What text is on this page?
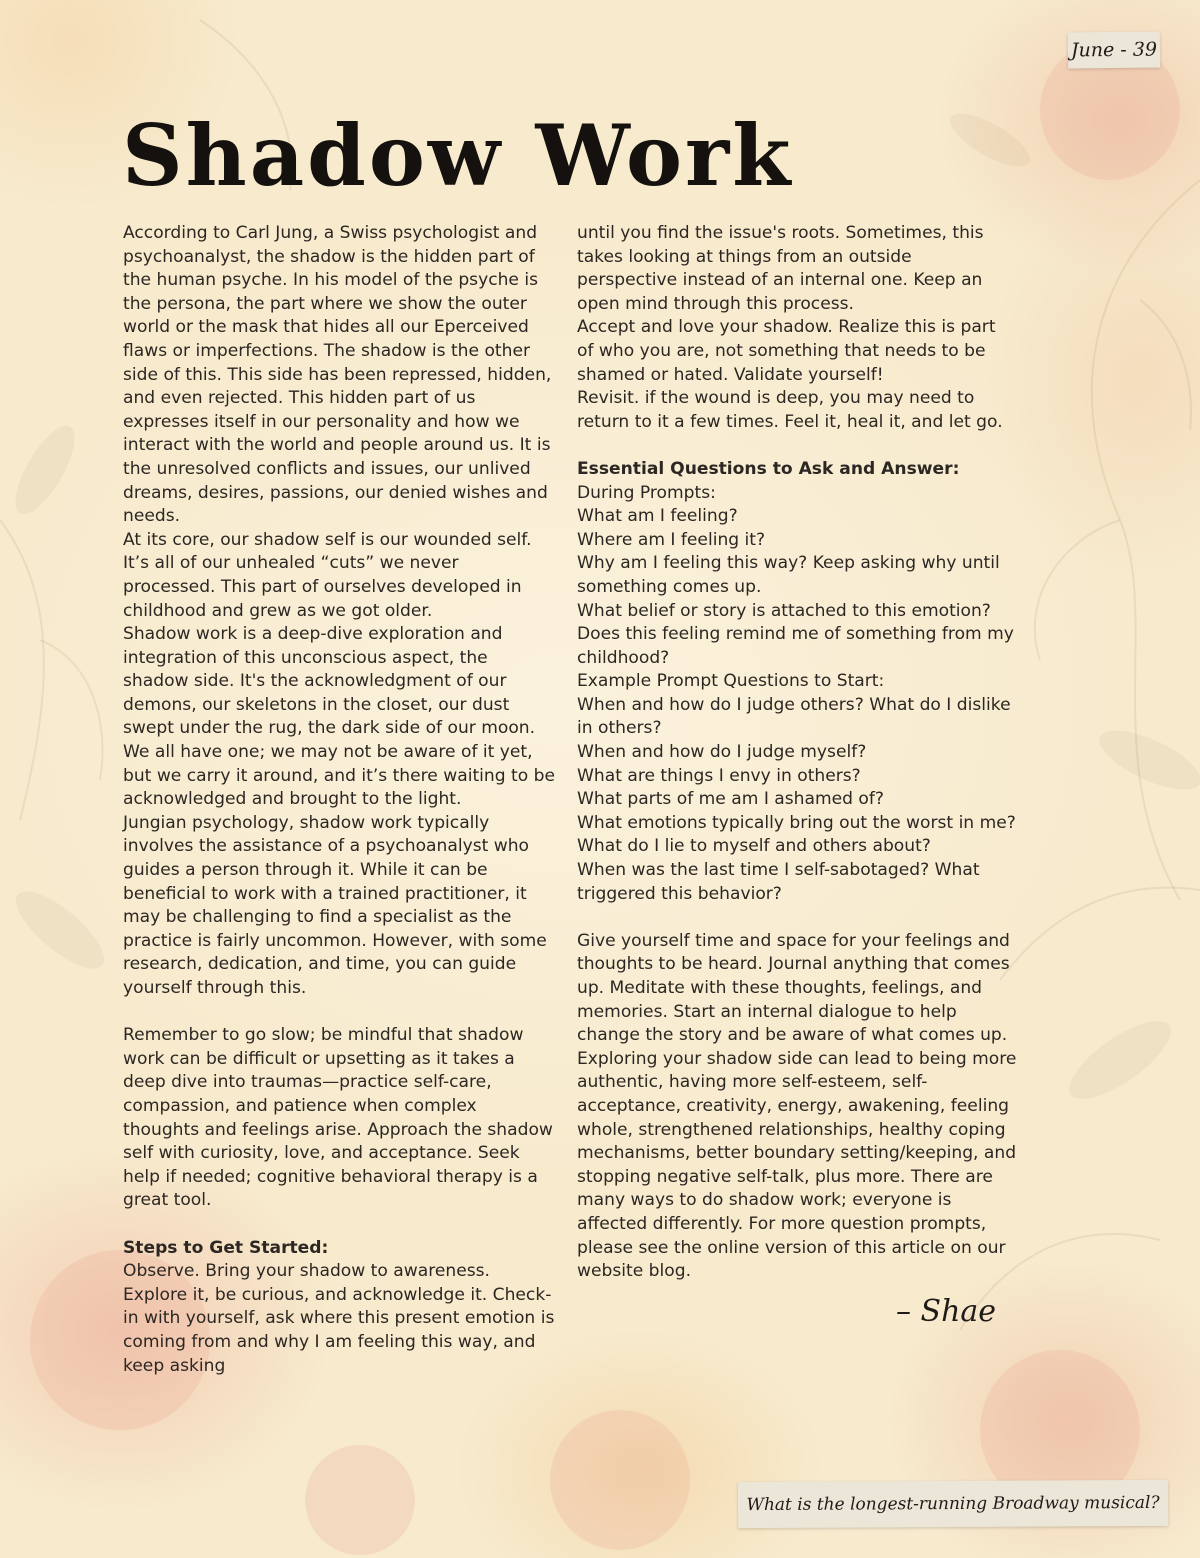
June - 39
Shadow Work

According to Carl Jung, a Swiss psychologist and psychoanalyst, the shadow is the hidden part of the human psyche. In his model of the psyche is the persona, the part where we show the outer world or the mask that hides all our Eperceived flaws or imperfections. The shadow is the other side of this. This side has been repressed, hidden, and even rejected. This hidden part of us expresses itself in our personality and how we interact with the world and people around us. It is the unresolved conflicts and issues, our unlived dreams, desires, passions, our denied wishes and needs.

At its core, our shadow self is our wounded self. It’s all of our unhealed “cuts” we never processed. This part of ourselves developed in childhood and grew as we got older.

Shadow work is a deep-dive exploration and integration of this unconscious aspect, the shadow side. It's the acknowledgment of our demons, our skeletons in the closet, our dust swept under the rug, the dark side of our moon. We all have one; we may not be aware of it yet, but we carry it around, and it’s there waiting to be acknowledged and brought to the light.

Jungian psychology, shadow work typically involves the assistance of a psychoanalyst who guides a person through it. While it can be beneficial to work with a trained practitioner, it may be challenging to find a specialist as the practice is fairly uncommon. However, with some research, dedication, and time, you can guide yourself through this.

Remember to go slow; be mindful that shadow work can be difficult or upsetting as it takes a deep dive into traumas—practice self-care, compassion, and patience when complex thoughts and feelings arise. Approach the shadow self with curiosity, love, and acceptance. Seek help if needed; cognitive behavioral therapy is a great tool.

Steps to Get Started:

Observe. Bring your shadow to awareness. Explore it, be curious, and acknowledge it. Check-in with yourself, ask where this present emotion is coming from and why I am feeling this way, and keep asking

until you find the issue's roots. Sometimes, this takes looking at things from an outside perspective instead of an internal one. Keep an open mind through this process.

Accept and love your shadow. Realize this is part of who you are, not something that needs to be shamed or hated. Validate yourself!

Revisit. if the wound is deep, you may need to return to it a few times. Feel it, heal it, and let go.

Essential Questions to Ask and Answer: During Prompts:

What am I feeling?

Where am I feeling it?

Why am I feeling this way? Keep asking why until something comes up.

What belief or story is attached to this emotion?

Does this feeling remind me of something from my childhood?

Example Prompt Questions to Start:

When and how do I judge others? What do I dislike in others?

When and how do I judge myself?

What are things I envy in others?

What parts of me am I ashamed of?

What emotions typically bring out the worst in me?

What do I lie to myself and others about?

When was the last time I self-sabotaged? What triggered this behavior?

Give yourself time and space for your feelings and thoughts to be heard. Journal anything that comes up. Meditate with these thoughts, feelings, and memories. Start an internal dialogue to help change the story and be aware of what comes up.

Exploring your shadow side can lead to being more authentic, having more self-esteem, self-acceptance, creativity, energy, awakening, feeling whole, strengthened relationships, healthy coping mechanisms, better boundary setting/keeping, and stopping negative self-talk, plus more. There are many ways to do shadow work; everyone is affected differently. For more question prompts, please see the online version of this article on our website blog.

– Shae
What is the longest-running Broadway musical?
